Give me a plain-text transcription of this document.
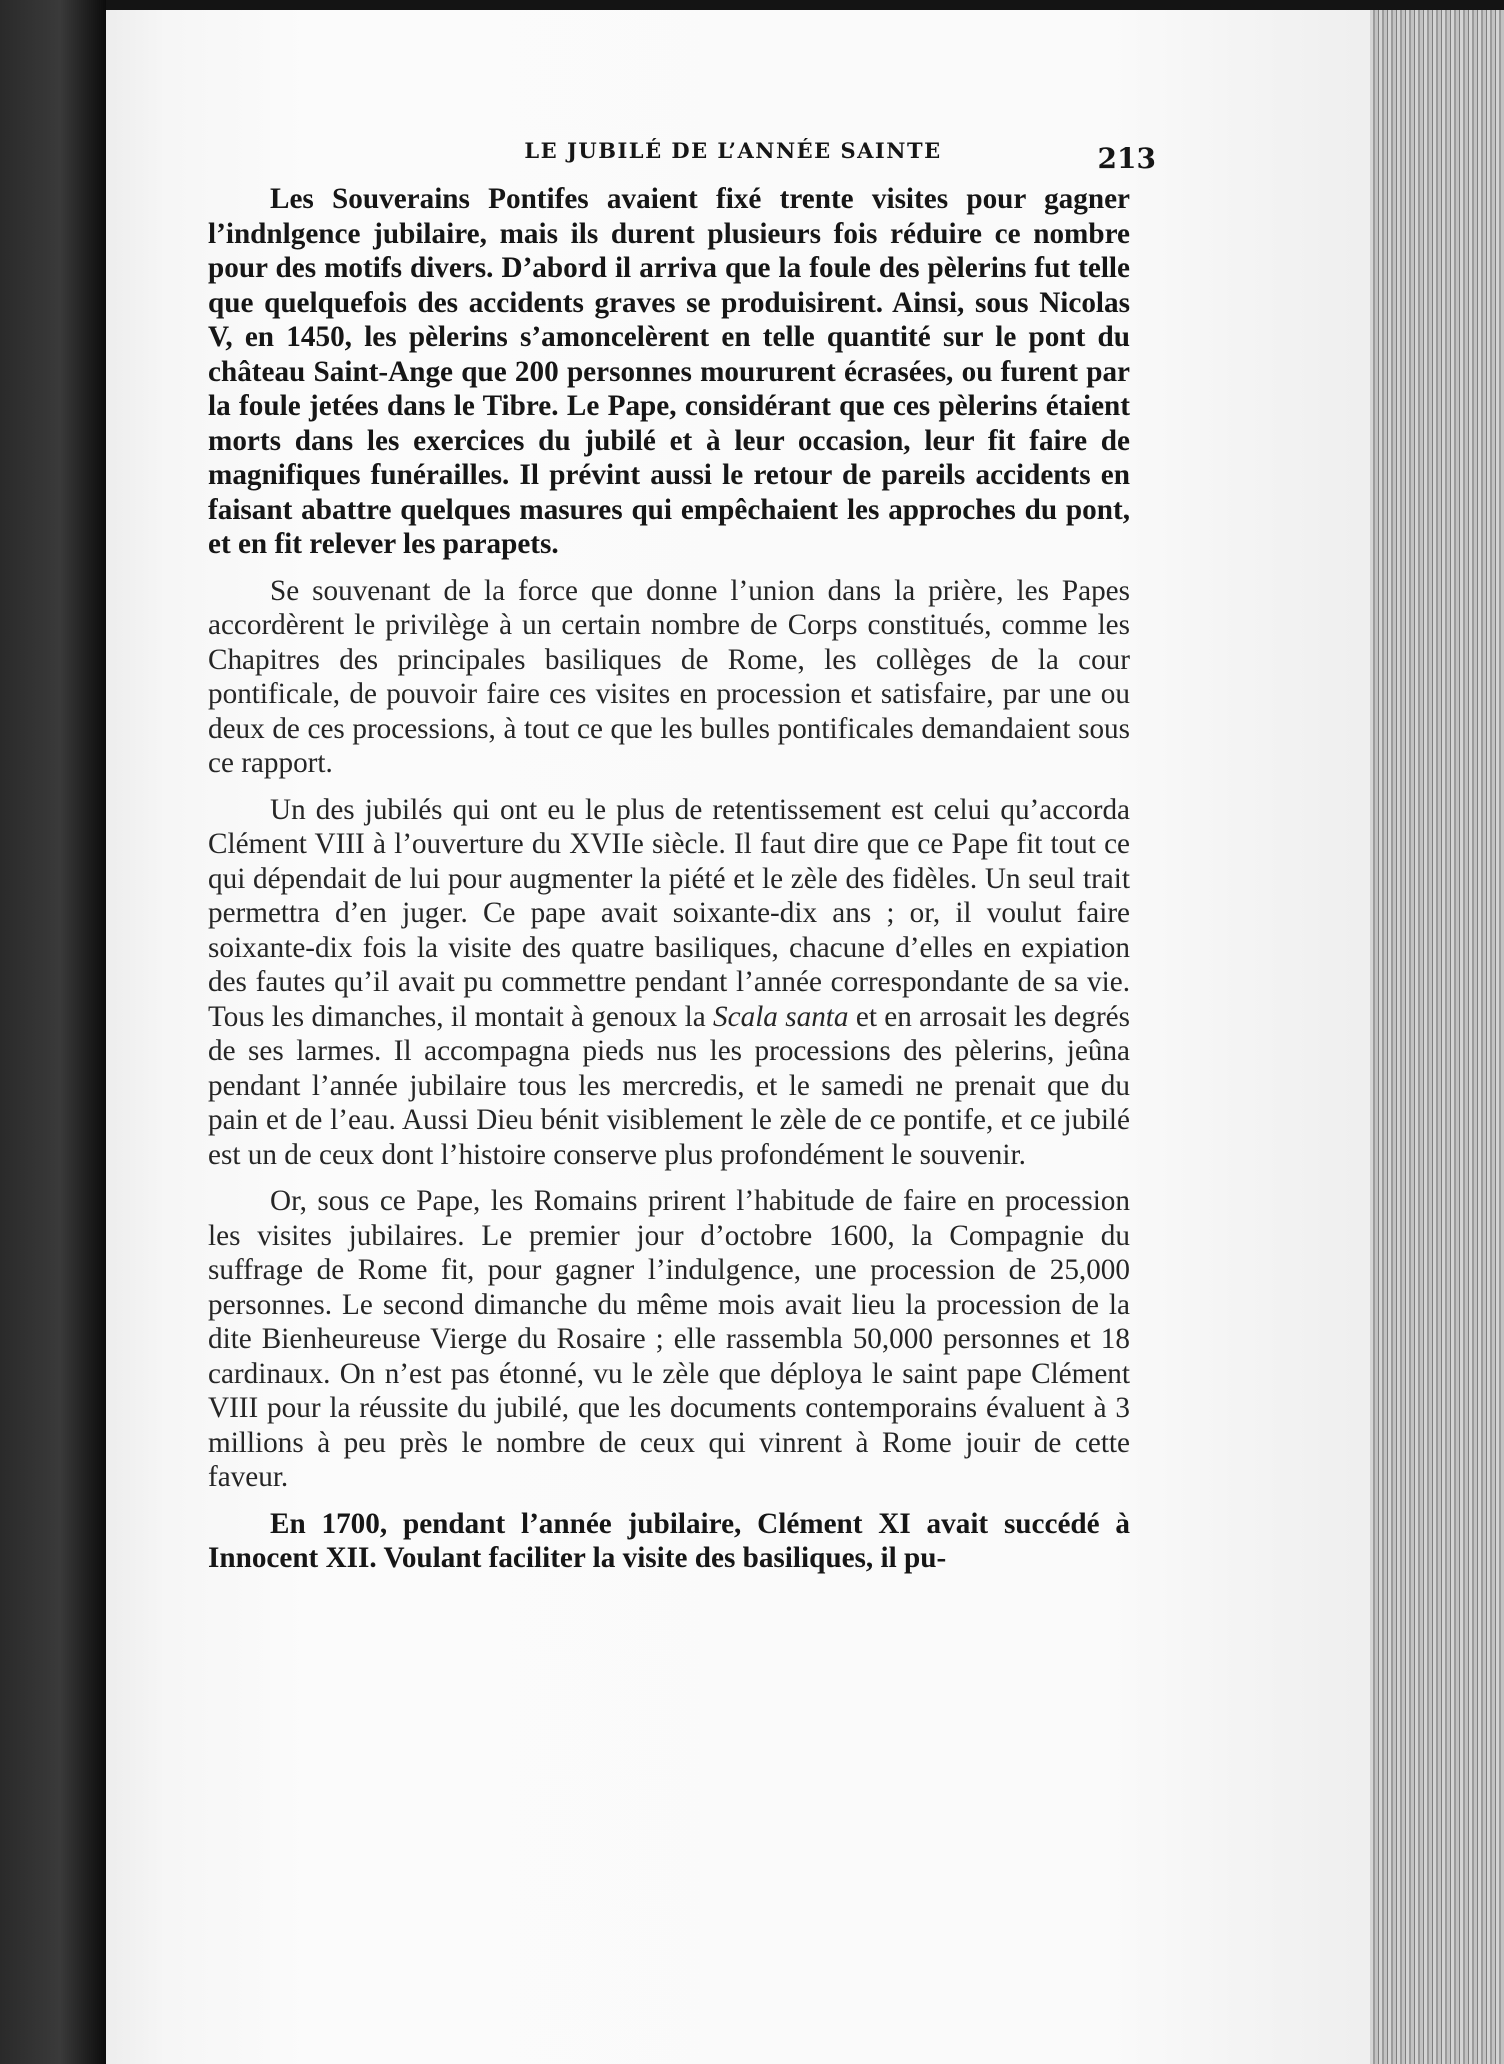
LE JUBILÉ DE L’ANNÉE SAINTE	213

Les Souverains Pontifes avaient fixé trente visites pour gagner l’indnlgence jubilaire, mais ils durent plusieurs fois réduire ce nombre pour des motifs divers. D’abord il arriva que la foule des pèlerins fut telle que quelquefois des accidents graves se produisirent. Ainsi, sous Nicolas V, en 1450, les pèlerins s’amoncelèrent en telle quantité sur le pont du château Saint-Ange que 200 personnes moururent écrasées, ou furent par la foule jetées dans le Tibre. Le Pape, considérant que ces pèlerins étaient morts dans les exercices du jubilé et à leur occasion, leur fit faire de magnifiques funérailles. Il prévint aussi le retour de pareils accidents en faisant abattre quelques masures qui empêchaient les approches du pont, et en fit relever les parapets.

Se souvenant de la force que donne l’union dans la prière, les Papes accordèrent le privilège à un certain nombre de Corps constitués, comme les Chapitres des principales basiliques de Rome, les collèges de la cour pontificale, de pouvoir faire ces visites en procession et satisfaire, par une ou deux de ces processions, à tout ce que les bulles pontificales demandaient sous ce rapport.

Un des jubilés qui ont eu le plus de retentissement est celui qu’accorda Clément VIII à l’ouverture du XVIIe siècle. Il faut dire que ce Pape fit tout ce qui dépendait de lui pour augmenter la piété et le zèle des fidèles. Un seul trait permettra d’en juger. Ce pape avait soixante-dix ans ; or, il voulut faire soixante-dix fois la visite des quatre basiliques, chacune d’elles en expiation des fautes qu’il avait pu commettre pendant l’année correspondante de sa vie. Tous les dimanches, il montait à genoux la Scala santa et en arrosait les degrés de ses larmes. Il accompagna pieds nus les processions des pèlerins, jeûna pendant l’année jubilaire tous les mercredis, et le samedi ne prenait que du pain et de l’eau. Aussi Dieu bénit visiblement le zèle de ce pontife, et ce jubilé est un de ceux dont l’histoire conserve plus profondément le souvenir.

Or, sous ce Pape, les Romains prirent l’habitude de faire en procession les visites jubilaires. Le premier jour d’octobre 1600, la Compagnie du suffrage de Rome fit, pour gagner l’indulgence, une procession de 25,000 personnes. Le second dimanche du même mois avait lieu la procession de la dite Bienheureuse Vierge du Rosaire ; elle rassembla 50,000 personnes et 18 cardinaux. On n’est pas étonné, vu le zèle que déploya le saint pape Clément VIII pour la réussite du jubilé, que les documents contemporains évaluent à 3 millions à peu près le nombre de ceux qui vinrent à Rome jouir de cette faveur.

En 1700, pendant l’année jubilaire, Clément XI avait succédé à Innocent XII. Voulant faciliter la visite des basiliques, il pu-
